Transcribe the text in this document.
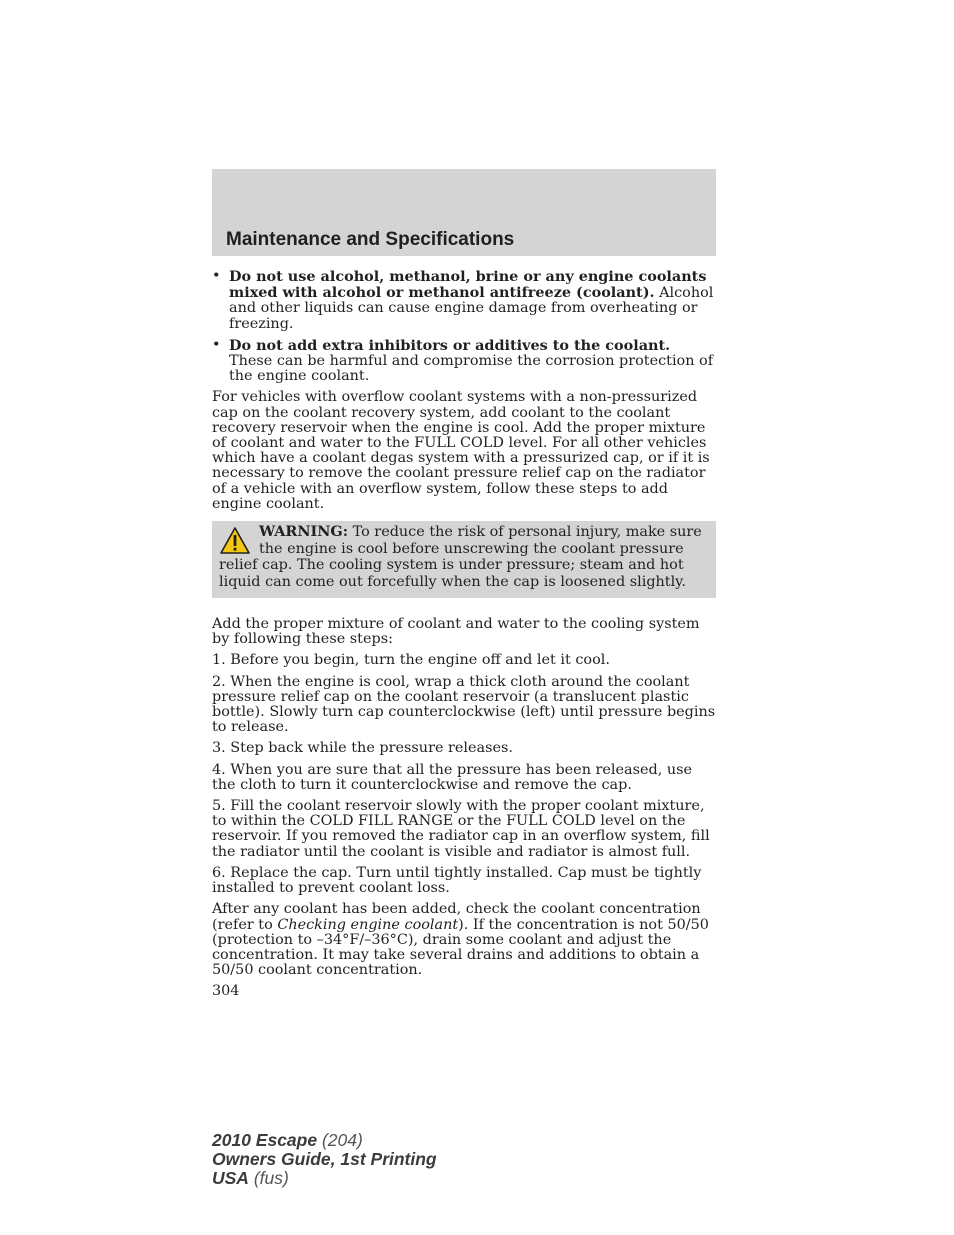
Maintenance and Specifications
• Do not use alcohol, methanol, brine or any engine coolants mixed with alcohol or methanol antifreeze (coolant). Alcohol and other liquids can cause engine damage from overheating or freezing.
• Do not add extra inhibitors or additives to the coolant. These can be harmful and compromise the corrosion protection of the engine coolant.

For vehicles with overflow coolant systems with a non-pressurized cap on the coolant recovery system, add coolant to the coolant recovery reservoir when the engine is cool. Add the proper mixture of coolant and water to the FULL COLD level. For all other vehicles which have a coolant degas system with a pressurized cap, or if it is necessary to remove the coolant pressure relief cap on the radiator of a vehicle with an overflow system, follow these steps to add engine coolant.

WARNING: To reduce the risk of personal injury, make sure the engine is cool before unscrewing the coolant pressure relief cap. The cooling system is under pressure; steam and hot liquid can come out forcefully when the cap is loosened slightly.

Add the proper mixture of coolant and water to the cooling system by following these steps:

1. Before you begin, turn the engine off and let it cool.

2. When the engine is cool, wrap a thick cloth around the coolant pressure relief cap on the coolant reservoir (a translucent plastic bottle). Slowly turn cap counterclockwise (left) until pressure begins to release.

3. Step back while the pressure releases.

4. When you are sure that all the pressure has been released, use the cloth to turn it counterclockwise and remove the cap.

5. Fill the coolant reservoir slowly with the proper coolant mixture, to within the COLD FILL RANGE or the FULL COLD level on the reservoir. If you removed the radiator cap in an overflow system, fill the radiator until the coolant is visible and radiator is almost full.

6. Replace the cap. Turn until tightly installed. Cap must be tightly installed to prevent coolant loss.

After any coolant has been added, check the coolant concentration (refer to Checking engine coolant). If the concentration is not 50/50 (protection to –34°F/–36°C), drain some coolant and adjust the concentration. It may take several drains and additions to obtain a 50/50 coolant concentration.

304
2010 Escape (204)
Owners Guide, 1st Printing
USA (fus)
